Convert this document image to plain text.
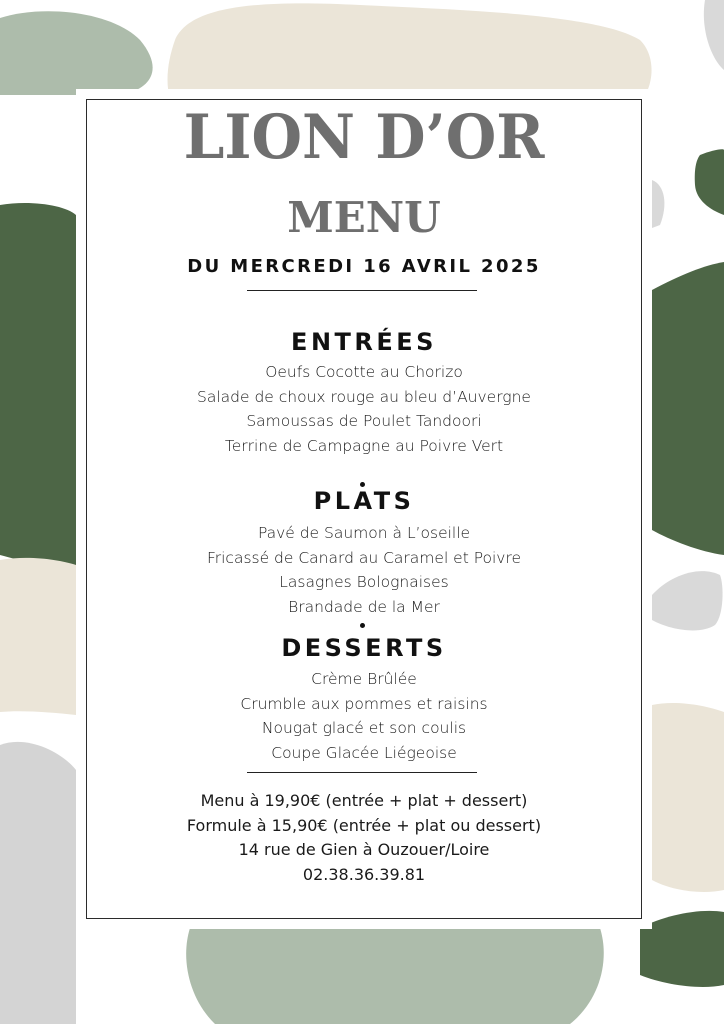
LION D’OR
MENU
DU MERCREDI 16 AVRIL 2025
ENTRÉES
Oeufs Cocotte au Chorizo
Salade de choux rouge au bleu d’Auvergne
Samoussas de Poulet Tandoori
Terrine de Campagne au Poivre Vert
PLATS
Pavé de Saumon à L’oseille
Fricassé de Canard au Caramel et Poivre
Lasagnes Bolognaises
Brandade de la Mer
DESSERTS
Crème Brûlée
Crumble aux pommes et raisins
Nougat glacé et son coulis
Coupe Glacée Liégeoise
Menu à 19,90€ (entrée + plat + dessert)
Formule à 15,90€ (entrée + plat ou dessert)
14 rue de Gien à Ouzouer/Loire
02.38.36.39.81
